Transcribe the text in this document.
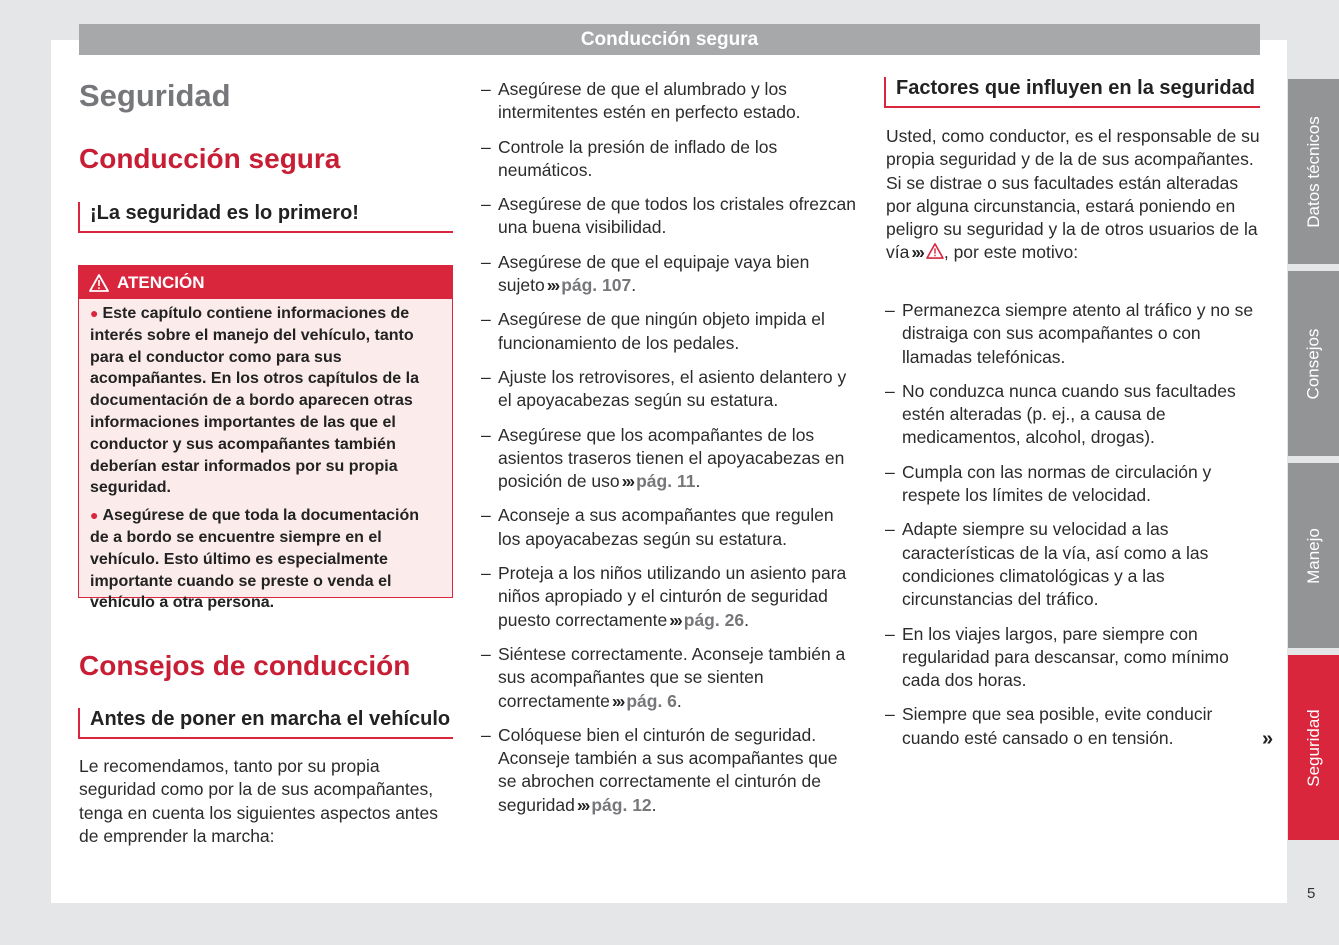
Conducción segura
Seguridad
Conducción segura
¡La seguridad es lo primero!
ATENCIÓN

● Este capítulo contiene informaciones de interés sobre el manejo del vehículo, tanto para el conductor como para sus acompañantes. En los otros capítulos de la documentación de a bordo aparecen otras informaciones importantes de las que el conductor y sus acompañantes también deberían estar informados por su propia seguridad.

● Asegúrese de que toda la documentación de a bordo se encuentre siempre en el vehículo. Esto último es especialmente importante cuando se preste o venda el vehículo a otra persona.

Consejos de conducción
Antes de poner en marcha el vehículo
Le recomendamos, tanto por su propia seguridad como por la de sus acompañantes, tenga en cuenta los siguientes aspectos antes de emprender la marcha:
– Asegúrese de que el alumbrado y los intermitentes estén en perfecto estado.
– Controle la presión de inflado de los neumáticos.
– Asegúrese de que todos los cristales ofrezcan una buena visibilidad.
– Asegúrese de que el equipaje vaya bien sujeto ››› pág. 107.
– Asegúrese de que ningún objeto impida el funcionamiento de los pedales.
– Ajuste los retrovisores, el asiento delantero y el apoyacabezas según su estatura.
– Asegúrese que los acompañantes de los asientos traseros tienen el apoyacabezas en posición de uso ››› pág. 11.
– Aconseje a sus acompañantes que regulen los apoyacabezas según su estatura.
– Proteja a los niños utilizando un asiento para niños apropiado y el cinturón de seguridad puesto correctamente ››› pág. 26.
– Siéntese correctamente. Aconseje también a sus acompañantes que se sienten correctamente ››› pág. 6.
– Colóquese bien el cinturón de seguridad. Aconseje también a sus acompañantes que se abrochen correctamente el cinturón de seguridad ››› pág. 12.
Factores que influyen en la seguridad
Usted, como conductor, es el responsable de su propia seguridad y de la de sus acompañantes. Si se distrae o sus facultades están alteradas por alguna circunstancia, estará poniendo en peligro su seguridad y la de otros usuarios de la vía ››› , por este motivo:
– Permanezca siempre atento al tráfico y no se distraiga con sus acompañantes o con llamadas telefónicas.
– No conduzca nunca cuando sus facultades estén alteradas (p. ej., a causa de medicamentos, alcohol, drogas).
– Cumpla con las normas de circulación y respete los límites de velocidad.
– Adapte siempre su velocidad a las características de la vía, así como a las condiciones climatológicas y a las circunstancias del tráfico.
– En los viajes largos, pare siempre con regularidad para descansar, como mínimo cada dos horas.
– Siempre que sea posible, evite conducir cuando esté cansado o en tensión.	»
Datos técnicos
Consejos
Manejo
Seguridad
5
